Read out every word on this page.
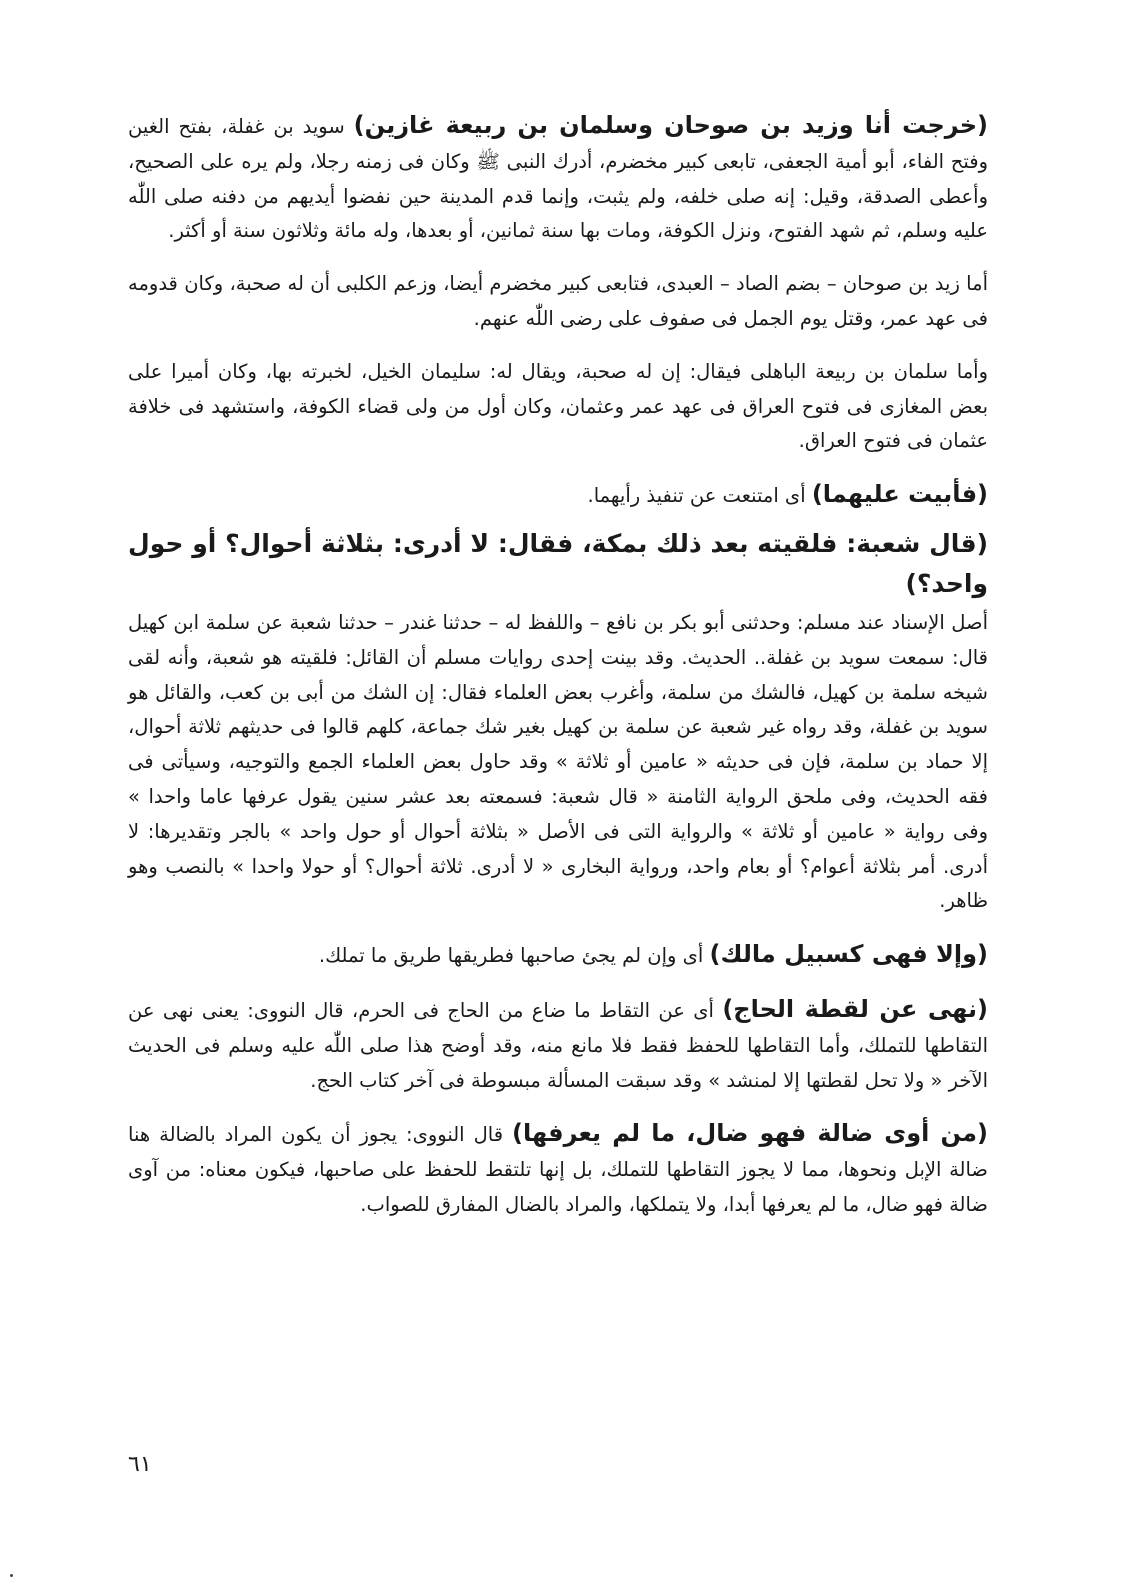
(خرجت أنا وزيد بن صوحان وسلمان بن ربيعة غازين) سويد بن غفلة، بفتح الغين وفتح الفاء، أبو أمية الجعفى، تابعى كبير مخضرم، أدرك النبى ﷺ وكان فى زمنه رجلا، ولم يره على الصحيح، وأعطى الصدقة، وقيل: إنه صلى خلفه، ولم يثبت، وإنما قدم المدينة حين نفضوا أيديهم من دفنه صلى اللّٰه عليه وسلم، ثم شهد الفتوح، ونزل الكوفة، ومات بها سنة ثمانين، أو بعدها، وله مائة وثلاثون سنة أو أكثر.

أما زيد بن صوحان – بضم الصاد – العبدى، فتابعى كبير مخضرم أيضا، وزعم الكلبى أن له صحبة، وكان قدومه فى عهد عمر، وقتل يوم الجمل فى صفوف على رضى اللّٰه عنهم.

وأما سلمان بن ربيعة الباهلى فيقال: إن له صحبة، ويقال له: سليمان الخيل، لخبرته بها، وكان أميرا على بعض المغازى فى فتوح العراق فى عهد عمر وعثمان، وكان أول من ولى قضاء الكوفة، واستشهد فى خلافة عثمان فى فتوح العراق.

(فأبيت عليهما) أى امتنعت عن تنفيذ رأيهما.

(قال شعبة: فلقيته بعد ذلك بمكة، فقال: لا أدرى: بثلاثة أحوال؟ أو حول واحد؟)

أصل الإسناد عند مسلم: وحدثنى أبو بكر بن نافع – واللفظ له – حدثنا غندر – حدثنا شعبة عن سلمة ابن كهيل قال: سمعت سويد بن غفلة.. الحديث. وقد بينت إحدى روايات مسلم أن القائل: فلقيته هو شعبة، وأنه لقى شيخه سلمة بن كهيل، فالشك من سلمة، وأغرب بعض العلماء فقال: إن الشك من أبى بن كعب، والقائل هو سويد بن غفلة، وقد رواه غير شعبة عن سلمة بن كهيل بغير شك جماعة، كلهم قالوا فى حديثهم ثلاثة أحوال، إلا حماد بن سلمة، فإن فى حديثه « عامين أو ثلاثة » وقد حاول بعض العلماء الجمع والتوجيه، وسيأتى فى فقه الحديث، وفى ملحق الرواية الثامنة « قال شعبة: فسمعته بعد عشر سنين يقول عرفها عاما واحدا » وفى رواية « عامين أو ثلاثة » والرواية التى فى الأصل « بثلاثة أحوال أو حول واحد » بالجر وتقديرها: لا أدرى. أمر بثلاثة أعوام؟ أو بعام واحد، ورواية البخارى « لا أدرى. ثلاثة أحوال؟ أو حولا واحدا » بالنصب وهو ظاهر.

(وإلا فهى كسبيل مالك) أى وإن لم يجئ صاحبها فطريقها طريق ما تملك.

(نهى عن لقطة الحاج) أى عن التقاط ما ضاع من الحاج فى الحرم، قال النووى: يعنى نهى عن التقاطها للتملك، وأما التقاطها للحفظ فقط فلا مانع منه، وقد أوضح هذا صلى اللّٰه عليه وسلم فى الحديث الآخر « ولا تحل لقطتها إلا لمنشد » وقد سبقت المسألة مبسوطة فى آخر كتاب الحج.

(من أوى ضالة فهو ضال، ما لم يعرفها) قال النووى: يجوز أن يكون المراد بالضالة هنا ضالة الإبل ونحوها، مما لا يجوز التقاطها للتملك، بل إنها تلتقط للحفظ على صاحبها، فيكون معناه: من آوى ضالة فهو ضال، ما لم يعرفها أبدا، ولا يتملكها، والمراد بالضال المفارق للصواب.

٦١
